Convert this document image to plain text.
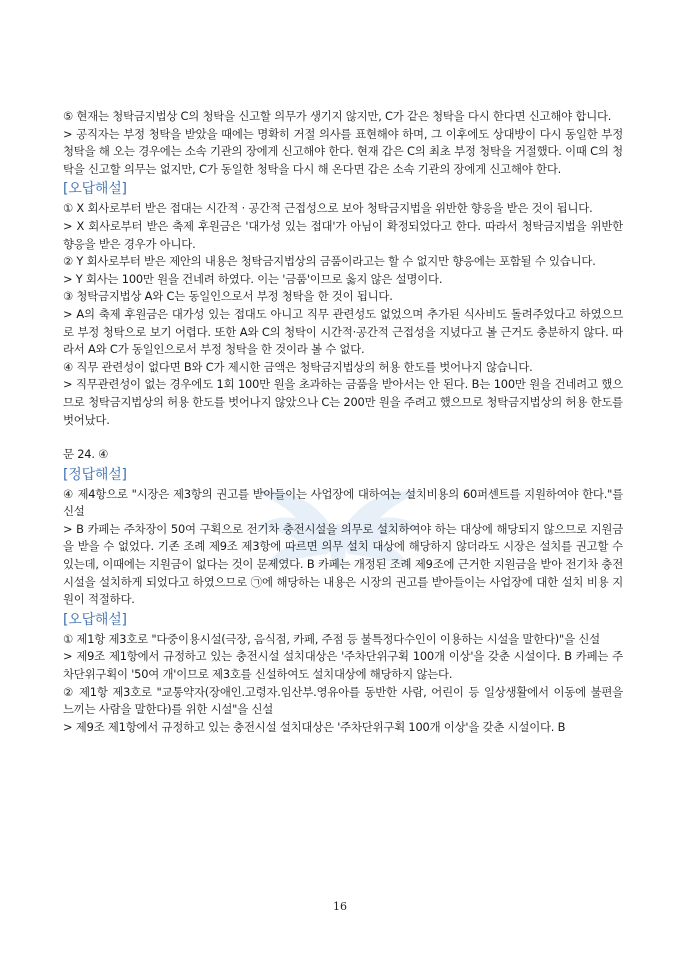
⑤ 현재는 청탁금지법상 C의 청탁을 신고할 의무가 생기지 않지만, C가 같은 청탁을 다시 한다면 신고해야 합니다.

> 공직자는 부정 청탁을 받았을 때에는 명확히 거절 의사를 표현해야 하며, 그 이후에도 상대방이 다시 동일한 부정 청탁을 해 오는 경우에는 소속 기관의 장에게 신고해야 한다. 현재 갑은 C의 최초 부정 청탁을 거절했다. 이때 C의 청탁을 신고할 의무는 없지만, C가 동일한 청탁을 다시 해 온다면 갑은 소속 기관의 장에게 신고해야 한다.

[오답해설]

① X 회사로부터 받은 접대는 시간적 · 공간적 근접성으로 보아 청탁금지법을 위반한 향응을 받은 것이 됩니다.

> X 회사로부터 받은 축제 후원금은 '대가성 있는 접대'가 아님이 확정되었다고 한다. 따라서 청탁금지법을 위반한 향응을 받은 경우가 아니다.

② Y 회사로부터 받은 제안의 내용은 청탁금지법상의 금품이라고는 할 수 없지만 향응에는 포함될 수 있습니다.

> Y 회사는 100만 원을 건네려 하였다. 이는 '금품'이므로 옳지 않은 설명이다.

③ 청탁금지법상 A와 C는 동일인으로서 부정 청탁을 한 것이 됩니다.

> A의 축제 후원금은 대가성 있는 접대도 아니고 직무 관련성도 없었으며 추가된 식사비도 돌려주었다고 하였으므로 부정 청탁으로 보기 어렵다. 또한 A와 C의 청탁이 시간적·공간적 근접성을 지녔다고 볼 근거도 충분하지 않다. 따라서 A와 C가 동일인으로서 부정 청탁을 한 것이라 볼 수 없다.

④ 직무 관련성이 없다면 B와 C가 제시한 금액은 청탁금지법상의 허용 한도를 벗어나지 않습니다.

> 직무관련성이 없는 경우에도 1회 100만 원을 초과하는 금품을 받아서는 안 된다. B는 100만 원을 건네려고 했으므로 청탁금지법상의 허용 한도를 벗어나지 않았으나 C는 200만 원을 주려고 했으므로 청탁금지법상의 허용 한도를 벗어났다.

문 24. ④

[정답해설]

④ 제4항으로 "시장은 제3항의 권고를 받아들이는 사업장에 대하여는 설치비용의 60퍼센트를 지원하여야 한다."를 신설

> B 카페는 주차장이 50여 구획으로 전기차 충전시설을 의무로 설치하여야 하는 대상에 해당되지 않으므로 지원금을 받을 수 없었다. 기존 조례 제9조 제3항에 따르면 의무 설치 대상에 해당하지 않더라도 시장은 설치를 권고할 수 있는데, 이때에는 지원금이 없다는 것이 문제였다. B 카페는 개정된 조례 제9조에 근거한 지원금을 받아 전기차 충전 시설을 설치하게 되었다고 하였으므로 ㉠에 해당하는 내용은 시장의 권고를 받아들이는 사업장에 대한 설치 비용 지원이 적절하다.

[오답해설]

① 제1항 제3호로 "다중이용시설(극장, 음식점, 카페, 주점 등 불특정다수인이 이용하는 시설을 말한다)"을 신설

> 제9조 제1항에서 규정하고 있는 충전시설 설치대상은 '주차단위구획 100개 이상'을 갖춘 시설이다. B 카페는 주차단위구획이 '50여 개'이므로 제3호를 신설하여도 설치대상에 해당하지 않는다.

② 제1항 제3호로 "교통약자(장애인.고령자.임산부.영유아를 동반한 사람, 어린이 등 일상생활에서 이동에 불편을 느끼는 사람을 말한다)를 위한 시설"을 신설

> 제9조 제1항에서 규정하고 있는 충전시설 설치대상은 '주차단위구획 100개 이상'을 갖춘 시설이다. B

16
